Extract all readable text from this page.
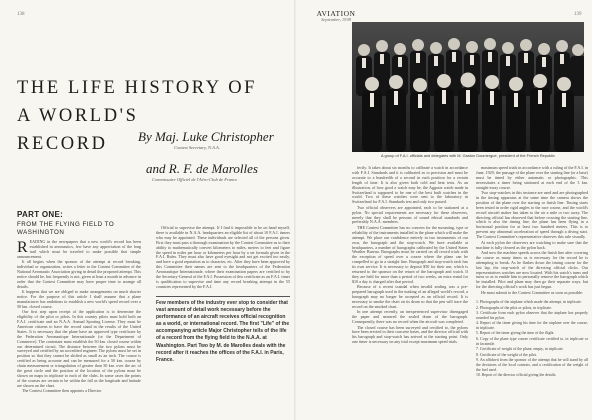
138
THE LIFE HISTORY OF
A WORLD'S
RECORD	By Maj. Luke Christopher
Contest Secretary, N.A.A.
and R. F. de Marolles
Commissaire Officiel de l'Aéro-Club de France
PART ONE:
FROM THE FLYING FIELD TO WASHINGTON

READING in the newspapers that a new world's record has been established in aeronautics, few have any appreciation of the long trail which must be traveled to make possible that simple announcement.

It all begins when the sponsor of the attempt at record breaking, individual or organization, writes a letter to the Contest Committee of the National Aeronautic Association giving in detail the proposed attempt. This notice should be, but frequently is not, given at least a month in advance in order that the Contest Committee may have proper time to arrange all details.

It happens that we are obliged to make arrangements on much shorter notice. For the purpose of this article I shall assume that a plane manufacturer has ambitions to establish a new world's speed record over a 50 km. closed course.

Our first step upon receipt of the application is to determine the eligibility of the pilot or pilots. In this country pilots must hold both an F.A.I. certificate and an N.A.A. Annual Sporting License. They must be American citizens to have the record stand in the results of the United States. It is necessary that the plane have an approved type certificate by the Federation Aeronautique Internationale (or the Department of Commerce). The contestant must establish the 50 km. closed course within our determined circuit. The distance between the two pylons must be surveyed and certified by an accredited engineer. The pylons must be set in position so that they cannot be shifted as small as an inch. The course is certified as being accurate and can be measured for a 50 km. course by chain measurement or triangulation of greater than 50 km. over the arc of the great circle and the position of the location of the pylons must be shown on maps in triplicate to each of the clubs. In some cases the points of the courses are certain to be within the fall as the longitude and latitude are shown on the chart.

The Contest Committee then appoints a Director

Official to supervise the attempt. If I find it impossible to be on hand myself, there is available in N.A.A. headquarters an eligible list of about 10 F.A.I. timers who may be appointed. These individuals are selected all of the persons given. First they must pass a thorough examination by the Contest Committee as to their ability to mathematically convert kilometers to miles, meters to feet and figure the speed in miles per hour or kilometers per hour by a set formula given in the F.A.I. Rules. They must also have good eyesight and not get excited too easily, and have a good reputation as to character, etc. After they have been approved by this Committee their names are sent to the headquarters of the Federation Aeronautique Internationale, where their examination papers are certified to by the Secretary-General of the F.A.I. Possession of this certificate as an F.A.I. timer is qualification to supervise and time any record breaking attempt in the 55 countries represented by the F.A.I.

Few members of the industry ever stop to consider that vast amount of detail work necessary before the performance of an aircraft receives official recognition as a world, or international record. The first "Life" of the accompanying article Major Christopher tells of the life of a record from the flying field to the N.A.A. at Washington. Part Two by M. de Marolles deals with the record after it reaches the offices of the F.A.I. in Paris, France.
AVIATION
September, 1938
139
A group of F.A.I. officials and delegates with M. Gaston Doumergue, president of the French Republic

fectly. It takes about six months to calibrate a watch in accordance with F.A.I. Standards and it is calibrated as to precision and must be accurate to a hundredth of a second in each position for a certain length of time. It is also given both cold and heat tests. As an illustration, of how good a watch may be, the Aggasiz watch made in Switzerland is supposed to be one of the best built watches in the world. Two of these watches were sent to the laboratory in Switzerland for F.A.I. Standards test and only two passed.

Two official observers are appointed, each to be stationed at a pylon. No special requirements are necessary for these observers, merely that they shall be persons of sound ethical standards and preferably N.A.A. members.

THE Contest Committee has no concern for the mounting, type or reliability of the instruments installed in the plane which will make the attempt. We place our confidence entirely in two instruments of our own, the barograph and the stop-watch. We have available at headquarters, a number of barographs calibrated by the United States Weather Bureau. Barographs must be carried on all record trials with the exception of speed over a course where the plane can be compelled to go in a straight line. Barograph and stop-watch each has its own service. It is necessary to deposit $50 for their use, which is returned to the sponsor on the return of the barograph and watch. If they are held for more than a period of two weeks, an extra rental for $10 a day is charged after that period.

Because of a recent scandal when invalid sealing was a pre-prepared barograph used in the making of an alleged world's record, a barograph may no longer be accepted as an official record. It is necessary to smoke the chart on its drum so that the pen will trace the record on the smoked chart.

In one attempt recently, an inexperienced supervisor disengaged the paper and smeared the sealed drum of the barograph. Consequently, there was no record when the aircraft was completed.

The closed course has been surveyed and certified to, the pylons have been erected to their concrete bases, and the director official with his barograph and stop-watch has arrived at the starting point. Only one timer is necessary on any trial except maximum speed trials.

maximum speed trials in accordance with a ruling of the F.A.I. in June, 1929, the passage of the plane over the starting line (or a base) must be timed by either automatic or photographic. This necessitates a timer being stationed at each end of the 3 km. straight-away course.

Two stop-watches in this instance are used and are photographed in the timing apparatus at the same time the camera shows the position of the plane over the starting or finish line. Timing starts been tested in order rigid angles to the race course, and the world's record aircraft maker has taken to the air a mile or two away. The directing official has observed that before crossing the starting line, which is also the timing line, the plane has been flying in a horizontal position for at least two hundred meters. This is to prevent any abnormal acceleration of speed through a diving start. The Contest Committee's representative observes this rule visually.

At each pylon the observers are watching to make sure that the machine is fully cleared as the pylon back.

And now the machine speeds across the finish line after covering the course as many times as is necessary for the record he is attempting to break. As he flashes down the timing course for the last lap, the stop-watch of the directing official clicks. Our representatives watches are now located. With his watch's turns and turns so as to enable him to personally remove the barograph which he installed. Pilot and plane may then go their separate ways, but for the directing official's work has just begun.

He must submit to the Contest Committee as soon as possible:

1. Photographs of the airplane which made the attempt, in triplicate.
2. Photographs of the pilot or pilots, in triplicate.
3. Certificate from each pylon observer that the airplane has properly rounded his pylon.
4. Report of the timer giving his time for the airplane over the course, in triplicate.
5. Report of the timer giving the time of the flight.
6. Copy of the plane type course certificate certified to, in triplicate or in facsimile.
7. Certificate of weight of the plane, empty, in triplicate.
8. Certificate of the weight of the pilot.
9. An affidavit from the sponsor of the attempt that he will stand by all the decisions of the local contests, and a certification of the weight of the fuel used.
10. Report of the director official giving the details.
